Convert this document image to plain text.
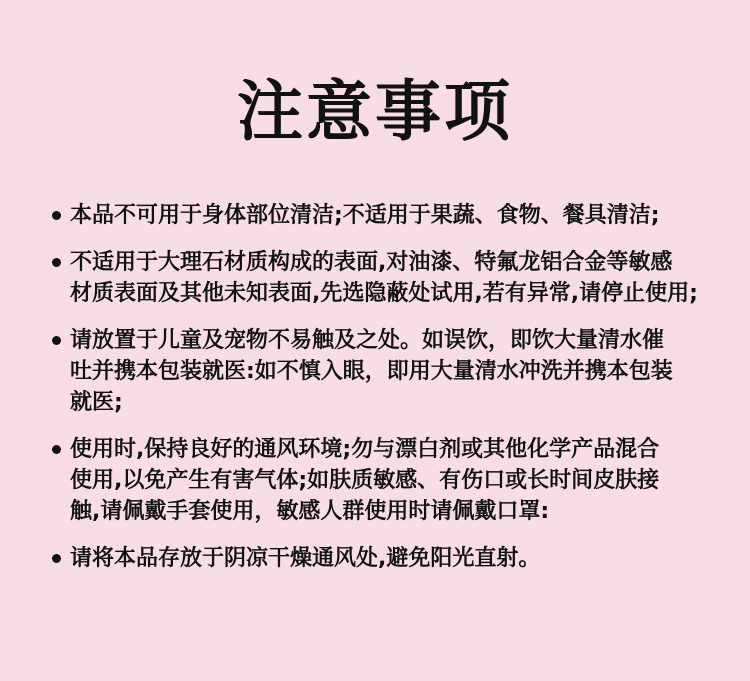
注意事项
本品不可用于身体部位清洁;不适用于果蔬、食物、餐具清洁;
不适用于大理石材质构成的表面,对油漆、特氟龙铝合金等敏感
材质表面及其他未知表面,先选隐蔽处试用,若有异常,请停止使用;
请放置于儿童及宠物不易触及之处。如误饮，即饮大量清水催
吐并携本包装就医:如不慎入眼，即用大量清水冲洗并携本包装
就医;
使用时,保持良好的通风环境;勿与漂白剂或其他化学产品混合
使用,以免产生有害气体;如肤质敏感、有伤口或长时间皮肤接
触,请佩戴手套使用，敏感人群使用时请佩戴口罩:
请将本品存放于阴凉干燥通风处,避免阳光直射。
